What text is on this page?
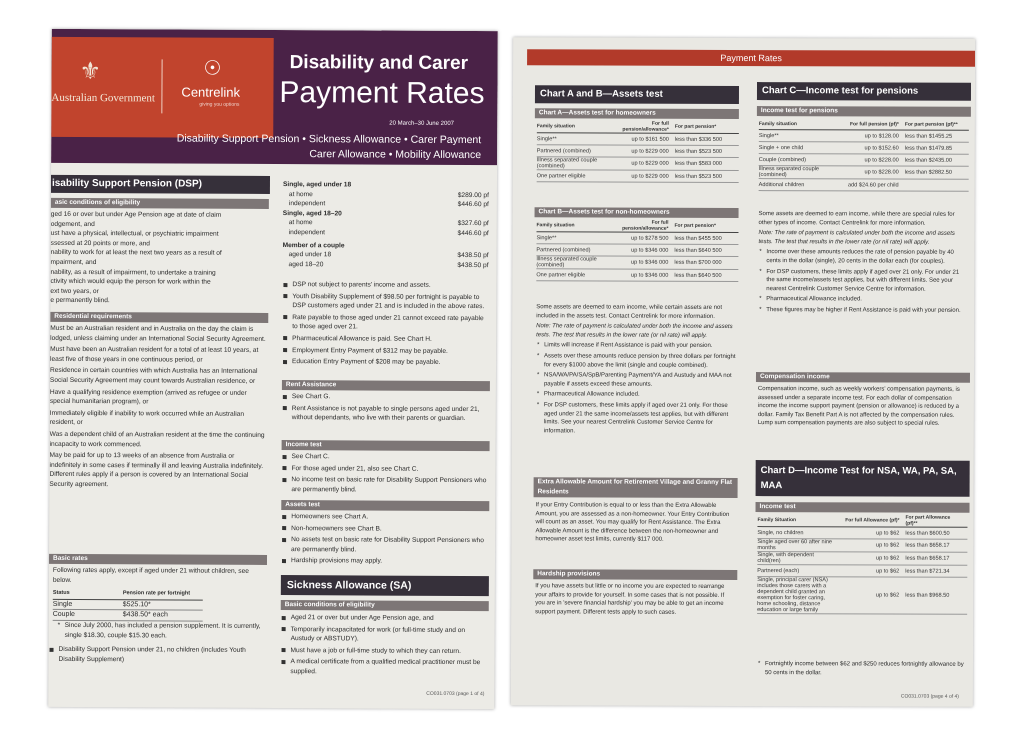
⚜
Australian Government
☉
Centrelink
giving you options
Disability and Carer
Payment Rates
20 March–30 June 2007
Disability Support Pension • Sickness Allowance • Carer Payment
Carer Allowance • Mobility Allowance
isability Support Pension (DSP)
asic conditions of eligibility
ged 16 or over but under Age Pension age at date of claim
odgement, and
ust have a physical, intellectual, or psychiatric impairment
ssessed at 20 points or more, and
nability to work for at least the next two years as a result of
mpairment, and
nability, as a result of impairment, to undertake a training
ctivity which would equip the person for work within the
ext two years, or
e permanently blind.
Residential requirements

Must be an Australian resident and in Australia on the day the claim is lodged, unless claiming under an International Social Security Agreement.

Must have been an Australian resident for a total of at least 10 years, at least five of those years in one continuous period, or

Residence in certain countries with which Australia has an International Social Security Agreement may count towards Australian residence, or

Have a qualifying residence exemption (arrived as refugee or under special humanitarian program), or

Immediately eligible if inability to work occurred while an Australian resident, or

Was a dependent child of an Australian resident at the time the continuing incapacity to work commenced.

May be paid for up to 13 weeks of an absence from Australia or indefinitely in some cases if terminally ill and leaving Australia indefinitely. Different rules apply if a person is covered by an International Social Security agreement.

Basic rates
Following rates apply, except if aged under 21 without children, see below.
Status	Pension rate per fortnight
Single	$525.10*
Couple	$438.50* each
* Since July 2000, has included a pension supplement. It is currently, single $18.30, couple $15.30 each.
Disability Support Pension under 21, no children (includes Youth Disability Supplement)
Single, aged under 18
at home	$289.00 pf
independent	$446.60 pf
Single, aged 18–20
at home	$327.60 pf
independent	$446.60 pf
Member of a couple
aged under 18	$438.50 pf
aged 18–20	$438.50 pf

DSP not subject to parents' income and assets.

Youth Disability Supplement of $98.50 per fortnight is payable to DSP customers aged under 21 and is included in the above rates.

Rate payable to those aged under 21 cannot exceed rate payable to those aged over 21.

Pharmaceutical Allowance is paid. See Chart H.

Employment Entry Payment of $312 may be payable.

Education Entry Payment of $208 may be payable.

Rent Assistance

See Chart G.

Rent Assistance is not payable to single persons aged under 21, without dependants, who live with their parents or guardian.

Income test

See Chart C.

For those aged under 21, also see Chart C.

No income test on basic rate for Disability Support Pensioners who are permanently blind.

Assets test

Homeowners see Chart A.

Non-homeowners see Chart B.

No assets test on basic rate for Disability Support Pensioners who are permanently blind.

Hardship provisions may apply.

Sickness Allowance (SA)
Basic conditions of eligibility

Aged 21 or over but under Age Pension age, and

Temporarily incapacitated for work (or full-time study and on Austudy or ABSTUDY).

Must have a job or full-time study to which they can return.

A medical certificate from a qualified medical practitioner must be supplied.

CO031.0703 (page 1 of 4)
Payment Rates
Chart A and B—Assets test
Chart A—Assets test for homeowners
Family situation	For full pension/allowance*	For part pension*
Single**	up to $161 500	less than $336 500
Partnered (combined)	up to $229 000	less than $523 500
Illness separated couple (combined)	up to $229 000	less than $583 000
One partner eligible	up to $229 000	less than $523 500
Chart B—Assets test for non-homeowners
Family situation	For full pension/allowance*	For part pension*
Single**	up to $278 500	less than $455 500
Partnered (combined)	up to $346 000	less than $640 500
Illness separated couple (combined)	up to $346 000	less than $700 000
One partner eligible	up to $346 000	less than $640 500

Some assets are deemed to earn income, while certain assets are not included in the assets test. Contact Centrelink for more information.

Note: The rate of payment is calculated under both the income and assets tests. The test that results in the lower rate (or nil rate) will apply.

* Limits will increase if Rent Assistance is paid with your pension.

* Assets over these amounts reduce pension by three dollars per fortnight for every $1000 above the limit (single and couple combined).

* NSA/WA/PA/SA/SpB/Parenting Payment/YA and Austudy and MAA not payable if assets exceed these amounts.

* Pharmaceutical Allowance included.

* For DSP customers, these limits apply if aged over 21 only. For those aged under 21 the same income/assets test applies, but with different limits. See your nearest Centrelink Customer Service Centre for information.

Extra Allowable Amount for Retirement Village and Granny Flat Residents
If your Entry Contribution is equal to or less than the Extra Allowable Amount, you are assessed as a non-homeowner. Your Entry Contribution will count as an asset. You may qualify for Rent Assistance. The Extra Allowable Amount is the difference between the non-homeowner and homeowner asset test limits, currently $117 000.
Hardship provisions
If you have assets but little or no income you are expected to rearrange your affairs to provide for yourself. In some cases that is not possible. If you are in 'severe financial hardship' you may be able to get an income support payment. Different tests apply to such cases.
Chart C—Income test for pensions
Income test for pensions
Family situation	For full pension (pf)*	For part pension (pf)**
Single**	up to $128.00	less than $1455.25
Single + one child	up to $152.60	less than $1479.85
Couple (combined)	up to $228.00	less than $2435.00
Illness separated couple (combined)	up to $228.00	less than $2882.50
Additional children	add $24.60 per child

Some assets are deemed to earn income, while there are special rules for other types of income. Contact Centrelink for more information.

Note: The rate of payment is calculated under both the income and assets tests. The test that results in the lower rate (or nil rate) will apply.

* Income over these amounts reduces the rate of pension payable by 40 cents in the dollar (single), 20 cents in the dollar each (for couples).

* For DSP customers, these limits apply if aged over 21 only. For under 21 the same income/assets test applies, but with different limits. See your nearest Centrelink Customer Service Centre for information.

* Pharmaceutical Allowance included.

* These figures may be higher if Rent Assistance is paid with your pension.

Compensation income
Compensation income, such as weekly workers' compensation payments, is assessed under a separate income test. For each dollar of compensation income the income support payment (pension or allowance) is reduced by a dollar. Family Tax Benefit Part A is not affected by the compensation rules. Lump sum compensation payments are also subject to special rules.
Chart D—Income Test for NSA, WA, PA, SA, MAA
Income test
Family Situation	For full Allowance (pf)*	For part Allowance (pf)**
Single, no children	up to $62	less than $600.50
Single aged over 60 after nine months	up to $62	less than $658.17
Single, with dependent child(ren)	up to $62	less than $658.17
Partnered (each)	up to $62	less than $721.34
Single, principal carer (NSA) includes those carers with a dependent child granted an exemption for foster caring, home schooling, distance education or large family
up to $62	less than $968.50
* Fortnightly income between $62 and $250 reduces fortnightly allowance by 50 cents in the dollar.
CO031.0703 (page 4 of 4)
